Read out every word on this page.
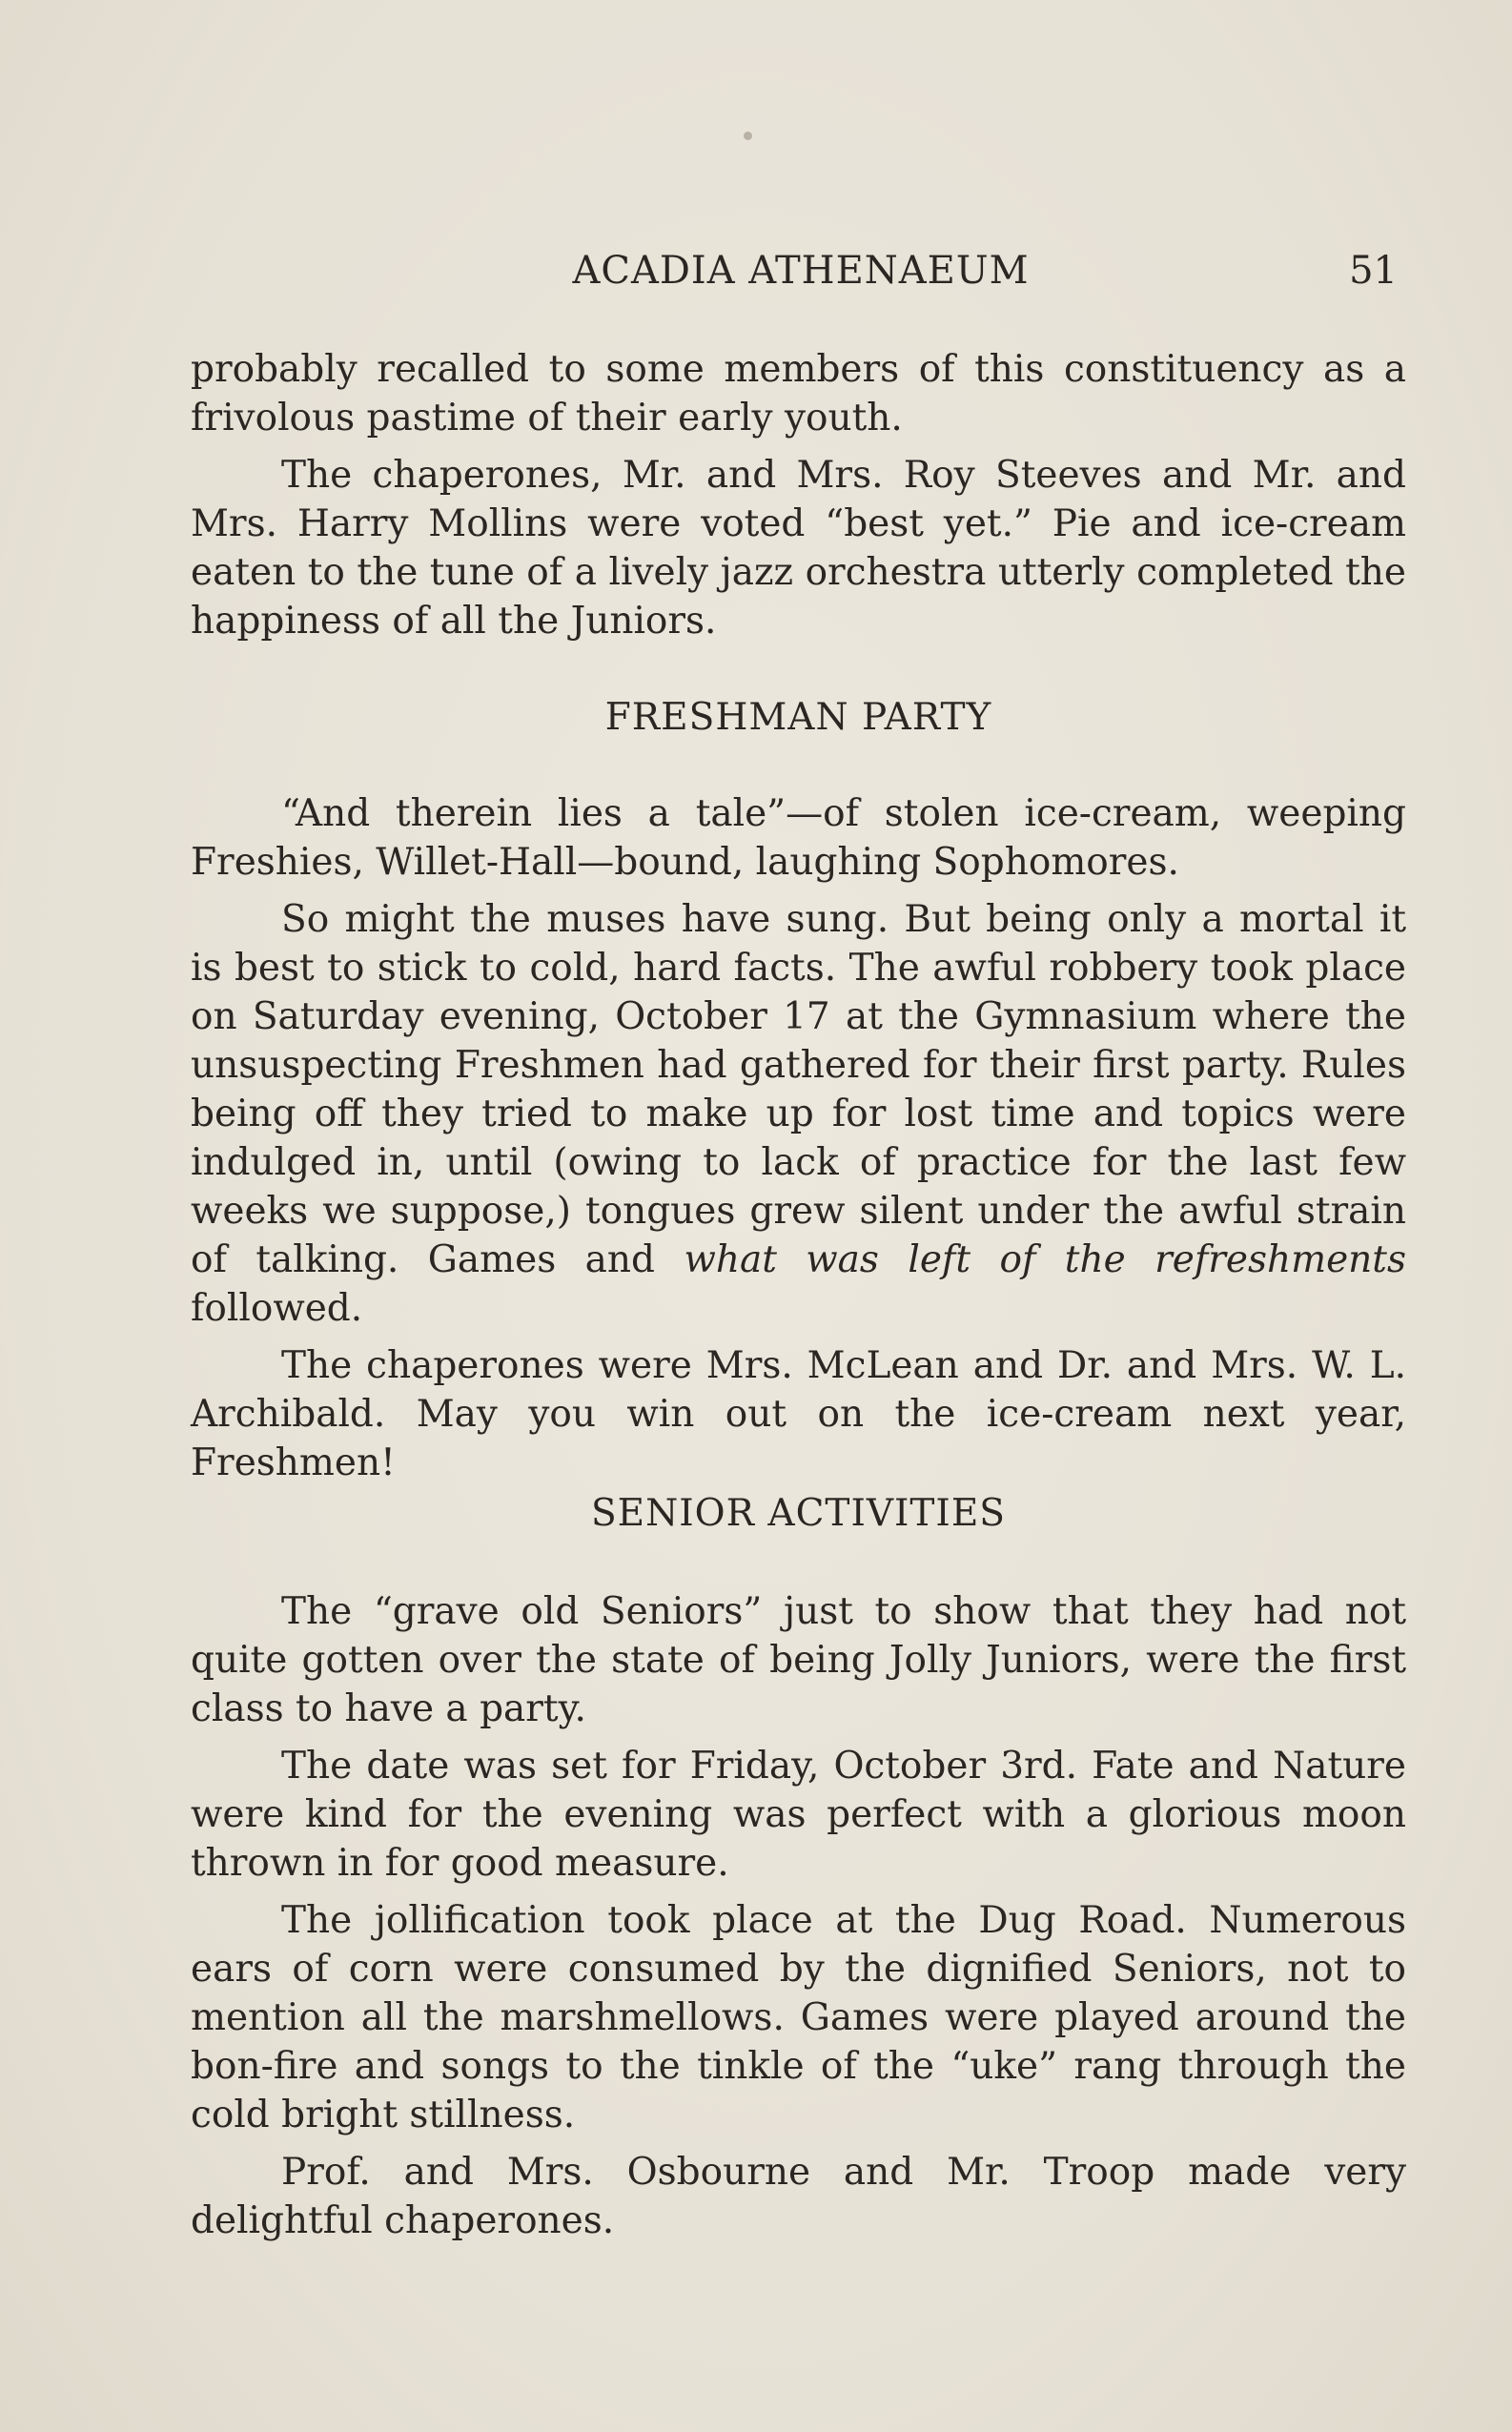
ACADIA ATHENAEUM	51

probably recalled to some members of this constituency as a frivolous pastime of their early youth.

The chaperones, Mr. and Mrs. Roy Steeves and Mr. and Mrs. Harry Mollins were voted “best yet.” Pie and ice-cream eaten to the tune of a lively jazz orchestra utterly completed the happiness of all the Juniors.

FRESHMAN PARTY

“And therein lies a tale”—of stolen ice-cream, weeping Freshies, Willet-Hall—bound, laughing Sophomores.

So might the muses have sung. But being only a mortal it is best to stick to cold, hard facts. The awful robbery took place on Saturday evening, October 17 at the Gymnasium where the unsuspecting Freshmen had gathered for their first party. Rules being off they tried to make up for lost time and topics were indulged in, until (owing to lack of practice for the last few weeks we suppose,) tongues grew silent under the awful strain of talking. Games and what was left of the refreshments followed.

The chaperones were Mrs. McLean and Dr. and Mrs. W. L. Archibald. May you win out on the ice-cream next year, Freshmen!

SENIOR ACTIVITIES

The “grave old Seniors” just to show that they had not quite gotten over the state of being Jolly Juniors, were the first class to have a party.

The date was set for Friday, October 3rd. Fate and Nature were kind for the evening was perfect with a glorious moon thrown in for good measure.

The jollification took place at the Dug Road. Numerous ears of corn were consumed by the dignified Seniors, not to mention all the marshmellows. Games were played around the bon-fire and songs to the tinkle of the “uke” rang through the cold bright stillness.

Prof. and Mrs. Osbourne and Mr. Troop made very delightful chaperones.
